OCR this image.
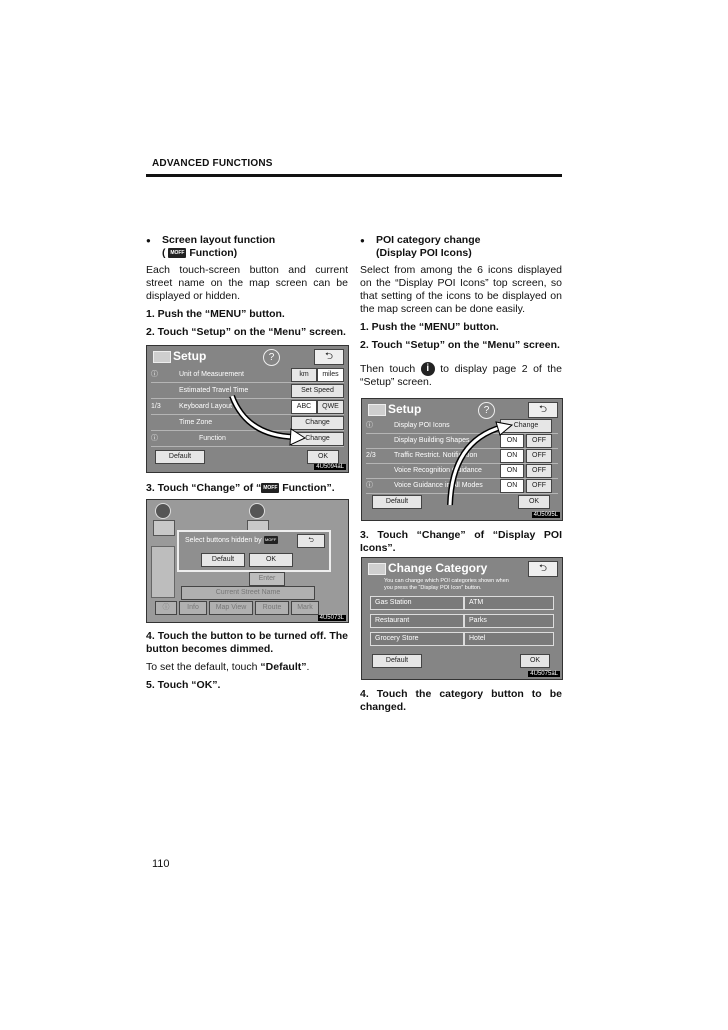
ADVANCED FUNCTIONS
● Screen layout function
( MOFF Function)

Each touch-screen button and current street name on the map screen can be displayed or hidden.

1. Push the “MENU” button.

2. Touch “Setup” on the “Menu” screen.

Setup	?	⮌
ⓘ	Unit of Measurement	km	miles
Estimated Travel Time	Set Speed
1/3	Keyboard Layout	ABC	QWE
Time Zone	Change
ⓘ	Function	Change
Default	OK
4U5094aL

3. Touch “Change” of “ MOFF Function”.

Select buttons hidden by MOFF	⮌
Default	OK
Enter
Current Street Name
ⓘ	Info	Map View	Route	Mark
4U5073L

4. Touch the button to be turned off. The button becomes dimmed.

To set the default, touch “Default”.

5. Touch “OK”.

● POI category change
(Display POI Icons)

Select from among the 6 icons displayed on the “Display POI Icons” top screen, so that setting of the icons to be displayed on the map screen can be done easily.

1. Push the “MENU” button.

2. Touch “Setup” on the “Menu” screen.

Then touch i to display page 2 of the “Setup” screen.

Setup	?	⮌
ⓘ	Display POI Icons	Change
Display Building Shapes	ON	OFF
2/3	Traffic Restrict. Notification	ON	OFF
Voice Recognition Guidance	ON	OFF
ⓘ	Voice Guidance in All Modes	ON	OFF
Default	OK
4U5095L

3. Touch “Change” of “Display POI Icons”.

Change Category	⮌
You can change which POI categories shown when you press the “Display POI Icon” button.
Gas Station	ATM
Restaurant	Parks
Grocery Store	Hotel
Default	OK
4U5075aL

4. Touch the category button to be changed.

110
